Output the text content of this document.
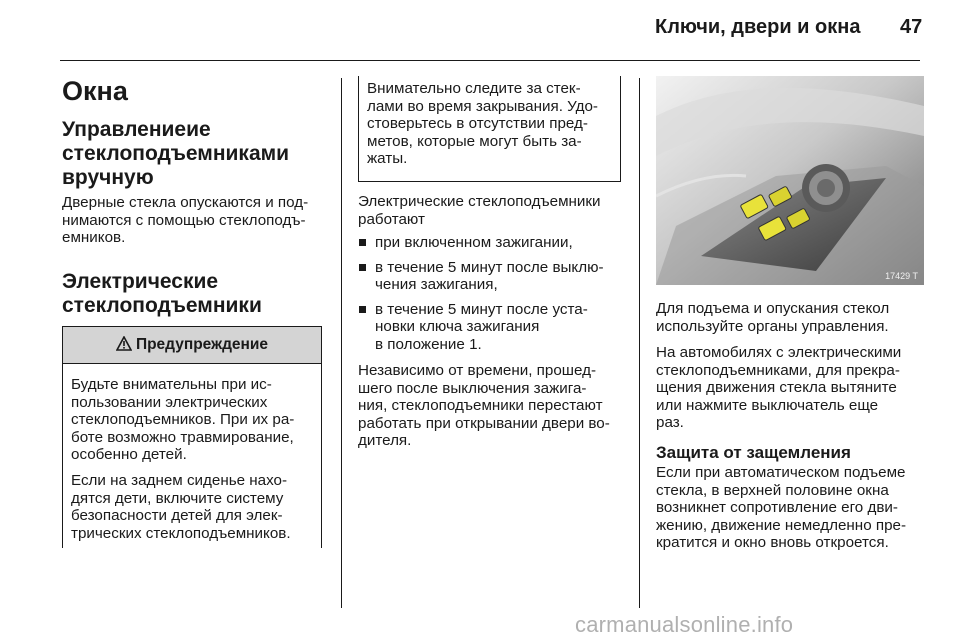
Ключи, двери и окна 47
Окна
Управлениеие
стеклоподъемниками
вручную
Дверные стекла опускаются и под-
нимаются с помощью стеклоподъ-
емников.
Электрические
стеклоподъемники
Предупреждение
Будьте внимательны при ис-
пользовании электрических
стеклоподъемников. При их ра-
боте возможно травмирование,
особенно детей.
Если на заднем сиденье нахо-
дятся дети, включите систему
безопасности детей для элек-
трических стеклоподъемников.
Внимательно следите за стек-
лами во время закрывания. Удо-
стоверьтесь в отсутствии пред-
метов, которые могут быть за-
жаты.
Электрические стеклоподъемники
работают
при включенном зажигании,
в течение 5 минут после выклю-
чения зажигания,
в течение 5 минут после уста-
новки ключа зажигания
в положение 1.
Независимо от времени, прошед-
шего после выключения зажига-
ния, стеклоподъемники перестают
работать при открывании двери во-
дителя.
17429 T
Для подъема и опускания стекол
используйте органы управления.
На автомобилях с электрическими
стеклоподъемниками, для прекра-
щения движения стекла вытяните
или нажмите выключатель еще
раз.
Защита от защемления
Если при автоматическом подъеме
стекла, в верхней половине окна
возникнет сопротивление его дви-
жению, движение немедленно пре-
кратится и окно вновь откроется.
carmanualsonline.info
